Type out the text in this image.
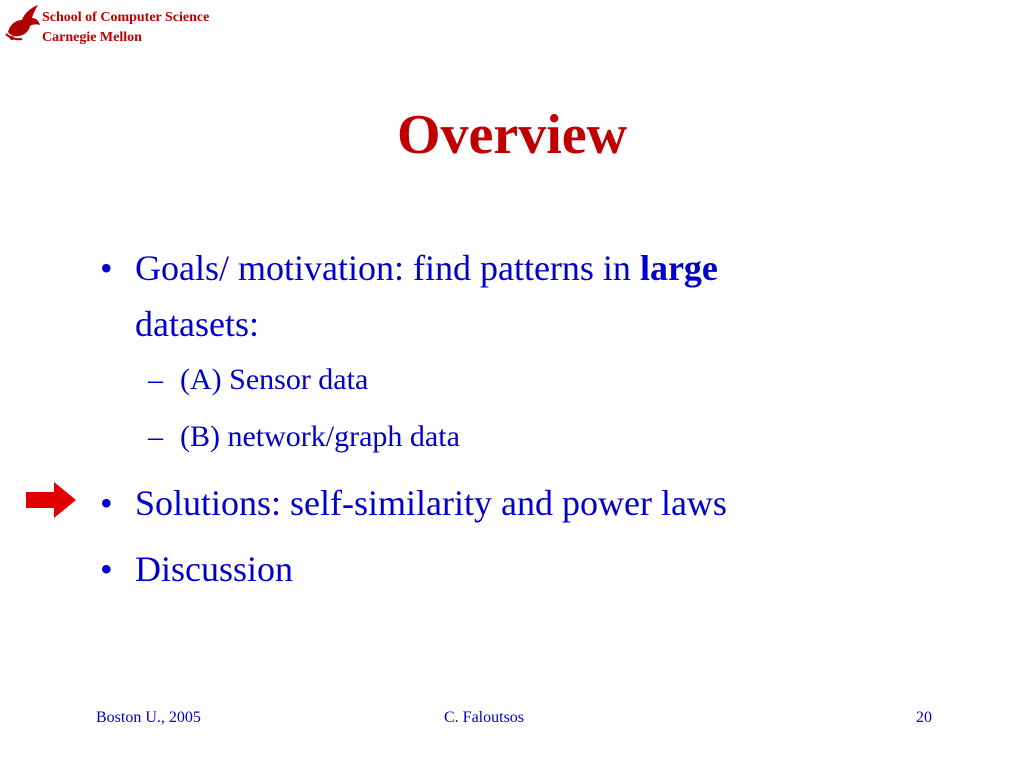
School of Computer Science
Carnegie Mellon
Overview
• Goals/ motivation: find patterns in large
datasets:
– (A) Sensor data
– (B) network/graph data
• Solutions: self-similarity and power laws
• Discussion
Boston U., 2005	C. Faloutsos	20
